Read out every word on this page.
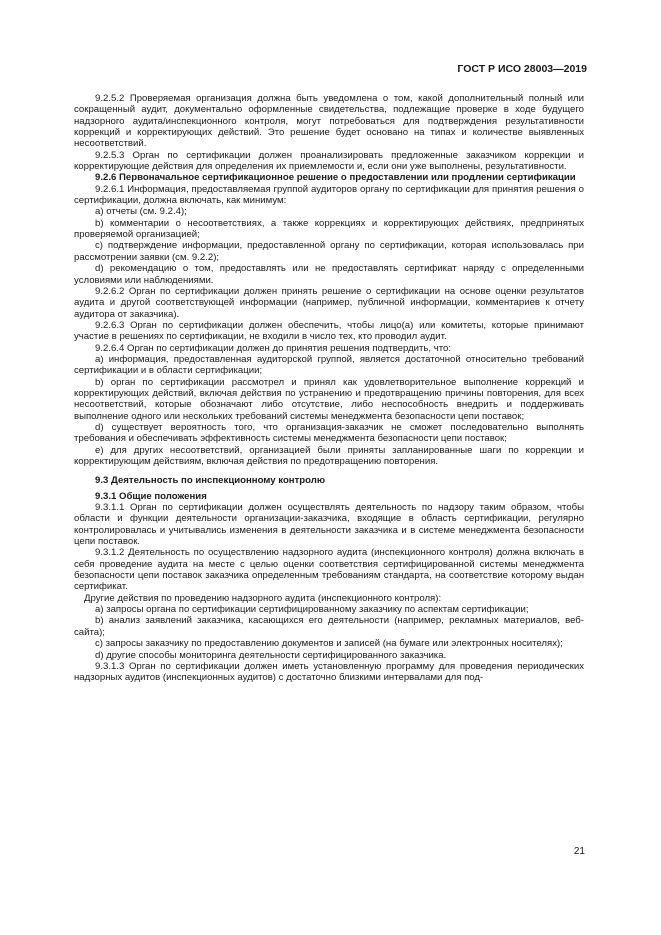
ГОСТ Р ИСО 28003—2019

9.2.5.2 Проверяемая организация должна быть уведомлена о том, какой дополнительный полный или сокращенный аудит, документально оформленные свидетельства, подлежащие проверке в ходе будущего надзорного аудита/инспекционного контроля, могут потребоваться для подтверждения результативности коррекций и корректирующих действий. Это решение будет основано на типах и количестве выявленных несоответствий.

9.2.5.3 Орган по сертификации должен проанализировать предложенные заказчиком коррекции и корректирующие действия для определения их приемлемости и, если они уже выполнены, результативности.

9.2.6 Первоначальное сертификационное решение о предоставлении или продлении сертификации

9.2.6.1 Информация, предоставляемая группой аудиторов органу по сертификации для принятия решения о сертификации, должна включать, как минимум:

а) отчеты (см. 9.2.4);

b) комментарии о несоответствиях, а также коррекциях и корректирующих действиях, предпринятых проверяемой организацией;

c) подтверждение информации, предоставленной органу по сертификации, которая использовалась при рассмотрении заявки (см. 9.2.2);

d) рекомендацию о том, предоставлять или не предоставлять сертификат наряду с определенными условиями или наблюдениями.

9.2.6.2 Орган по сертификации должен принять решение о сертификации на основе оценки результатов аудита и другой соответствующей информации (например, публичной информации, комментариев к отчету аудитора от заказчика).

9.2.6.3 Орган по сертификации должен обеспечить, чтобы лицо(а) или комитеты, которые принимают участие в решениях по сертификации, не входили в число тех, кто проводил аудит.

9.2.6.4 Орган по сертификации должен до принятия решения подтвердить, что:

а) информация, предоставленная аудиторской группой, является достаточной относительно требований сертификации и в области сертификации;

b) орган по сертификации рассмотрел и принял как удовлетворительное выполнение коррекций и корректирующих действий, включая действия по устранению и предотвращению причины повторения, для всех несоответствий, которые обозначают либо отсутствие, либо неспособность внедрить и поддерживать выполнение одного или нескольких требований системы менеджмента безопасности цепи поставок;

d) существует вероятность того, что организация-заказчик не сможет последовательно выполнять требования и обеспечивать эффективность системы менеджмента безопасности цепи поставок;

е) для других несоответствий, организацией были приняты запланированные шаги по коррекции и корректирующим действиям, включая действия по предотвращению повторения.

9.3 Деятельность по инспекционному контролю

9.3.1 Общие положения

9.3.1.1 Орган по сертификации должен осуществлять деятельность по надзору таким образом, чтобы области и функции деятельности организации-заказчика, входящие в область сертификации, регулярно контролировалась и учитывались изменения в деятельности заказчика и в системе менеджмента безопасности цепи поставок.

9.3.1.2 Деятельность по осуществлению надзорного аудита (инспекционного контроля) должна включать в себя проведение аудита на месте с целью оценки соответствия сертифицированной системы менеджмента безопасности цепи поставок заказчика определенным требованиям стандарта, на соответствие которому выдан сертификат.

Другие действия по проведению надзорного аудита (инспекционного контроля):

а) запросы органа по сертификации сертифицированному заказчику по аспектам сертификации;

b) анализ заявлений заказчика, касающихся его деятельности (например, рекламных материалов, веб-сайта);

c) запросы заказчику по предоставлению документов и записей (на бумаге или электронных носителях);

d) другие способы мониторинга деятельности сертифицированного заказчика.

9.3.1.3 Орган по сертификации должен иметь установленную программу для проведения периодических надзорных аудитов (инспекционных аудитов) с достаточно близкими интервалами для под-

21
